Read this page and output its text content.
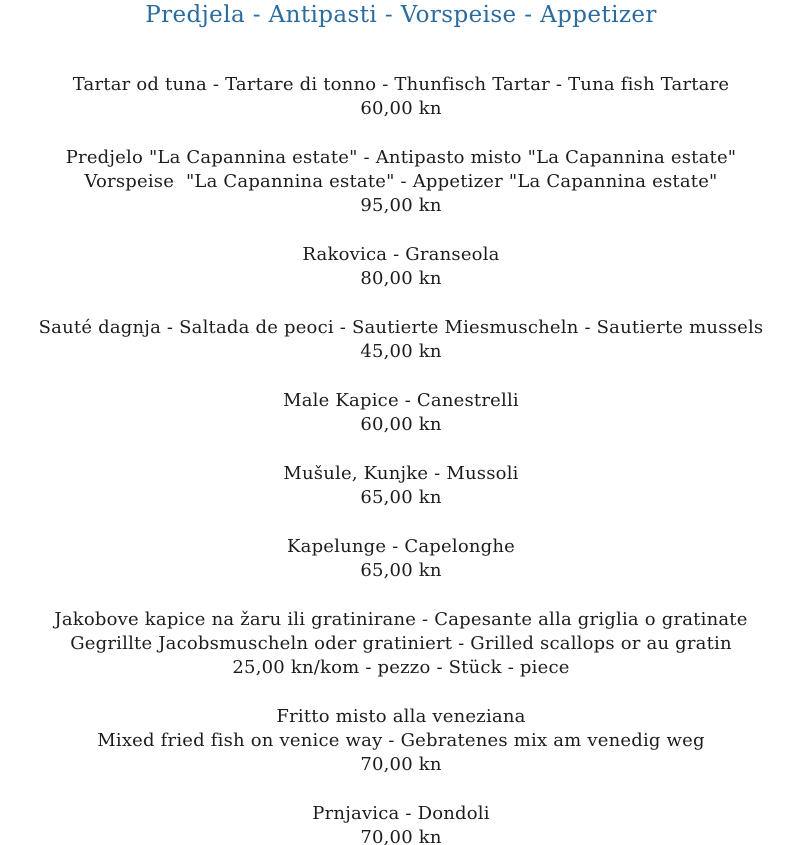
Predjela - Antipasti - Vorspeise - Appetizer
Tartar od tuna - Tartare di tonno - Thunfisch Tartar - Tuna fish Tartare
60,00 kn
Predjelo "La Capannina estate" - Antipasto misto "La Capannina estate"
Vorspeise  "La Capannina estate" - Appetizer "La Capannina estate"
95,00 kn
Rakovica - Granseola
80,00 kn
Sauté dagnja - Saltada de peoci - Sautierte Miesmuscheln - Sautierte mussels
45,00 kn
Male Kapice - Canestrelli
60,00 kn
Mušule, Kunjke - Mussoli
65,00 kn
Kapelunge - Capelonghe
65,00 kn
Jakobove kapice na žaru ili gratinirane - Capesante alla griglia o gratinate
Gegrillte Jacobsmuscheln oder gratiniert - Grilled scallops or au gratin
25,00 kn/kom - pezzo - Stück - piece
Fritto misto alla veneziana
Mixed fried fish on venice way - Gebratenes mix am venedig weg
70,00 kn
Prnjavica - Dondoli
70,00 kn
